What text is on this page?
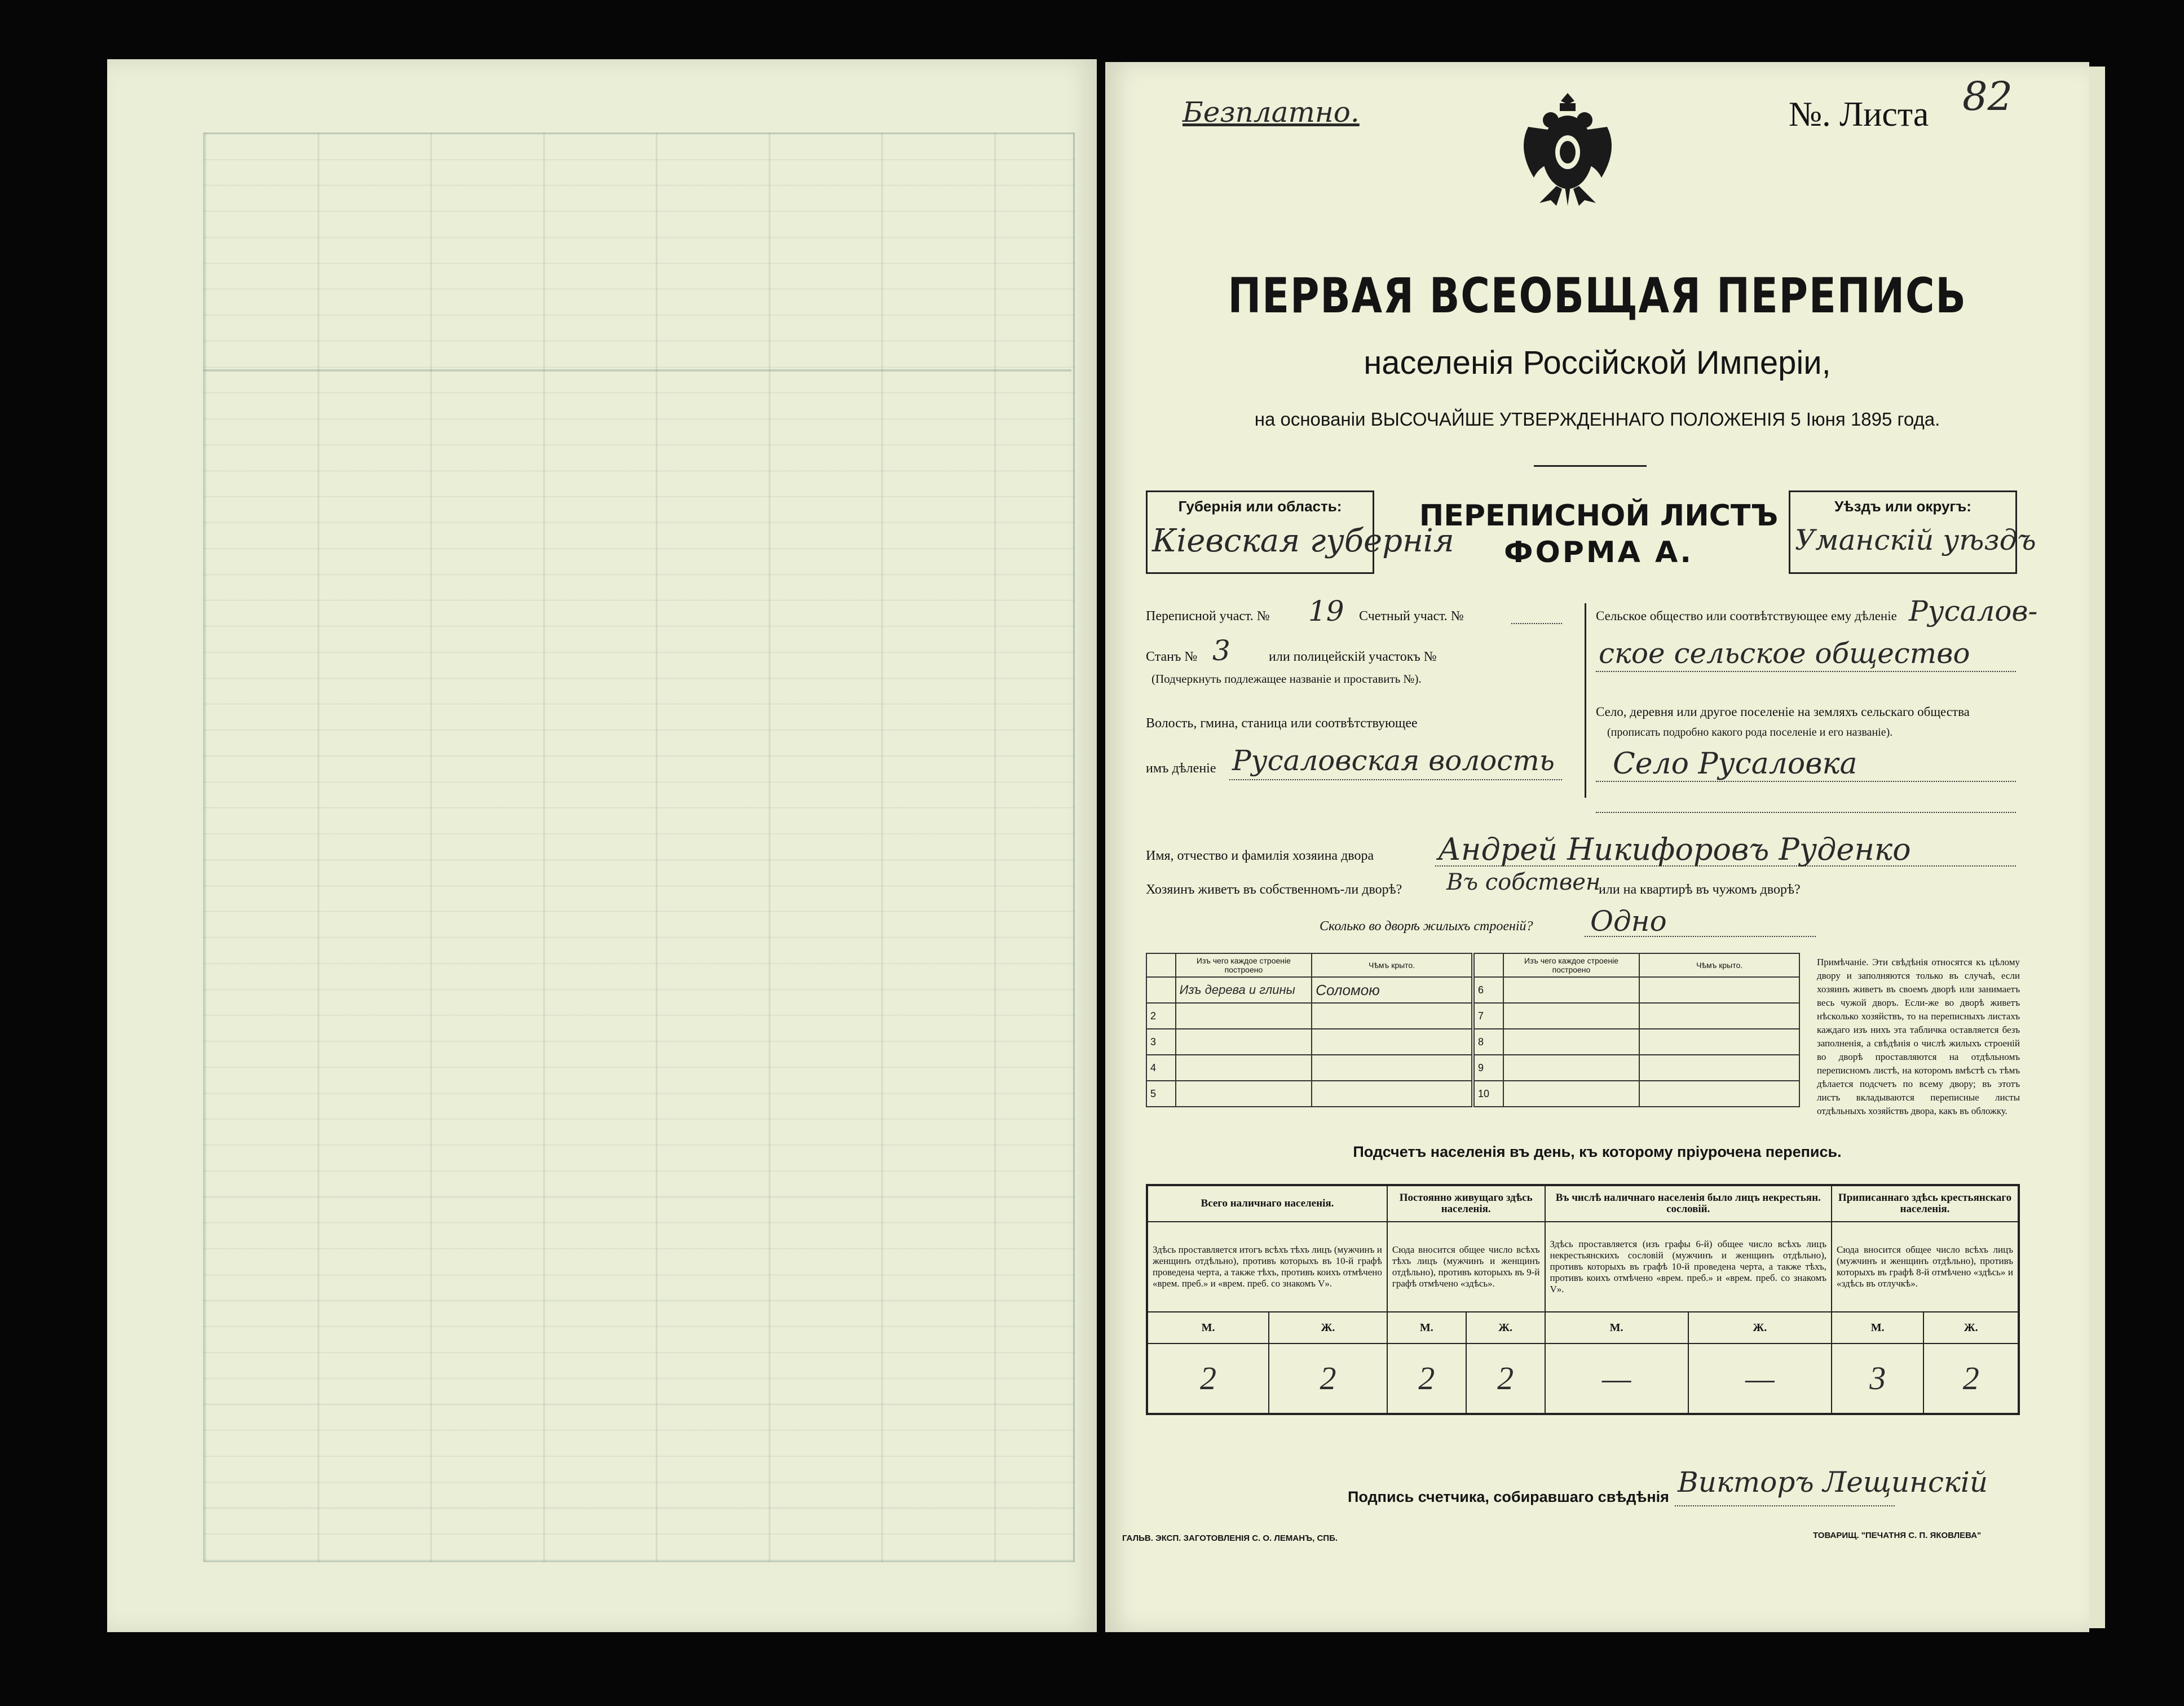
Безплатно.	№. Листа 82
ПЕРВАЯ ВСЕОБЩАЯ ПЕРЕПИСЬ
населенія Россійской Имперіи,
на основаніи ВЫСОЧАЙШЕ УТВЕРЖДЕННАГО ПОЛОЖЕНІЯ 5 Іюня 1895 года.
Губернія или область:
Кіевская губернія
ПЕРЕПИСНОЙ ЛИСТЪ
ФОРМА А.
Уѣздъ или округъ:
Уманскій уѣздъ
Переписной участ. № 19 Счетный участ. №
Станъ № 3	или полицейскій участокъ №
(Подчеркнуть подлежащее названіе и проставить №).
Волость, гмина, станица или соотвѣтствующее
имъ дѣленіе Русаловская волость
Сельское общество или соотвѣтствующее ему дѣленіе Русалов-
ское сельское общество
Село, деревня или другое поселеніе на земляхъ сельскаго общества
(прописать подробно какого рода поселеніе и его названіе).
Село Русаловка
Имя, отчество и фамилія хозяина двора Андрей Никифоровъ Руденко
Хозяинъ живетъ въ собственномъ-ли дворѣ? Въ собствен
или на квартирѣ въ чужомъ дворѣ?
Сколько во дворѣ жилыхъ строеній? Одно
	Изъ чего каждое строеніе построено	Чѣмъ крыто.		Изъ чего каждое строеніе построено	Чѣмъ крыто.
	Изъ дерева и глины	Соломою	6		
2			7		
3			8		
4			9		
5			10		
Примѣчаніе. Эти свѣдѣнія относятся къ цѣлому двору и заполняются только въ случаѣ, если хозяинъ живетъ въ своемъ дворѣ или занимаетъ весь чужой дворъ. Если-же во дворѣ живетъ нѣсколько хозяйствъ, то на переписныхъ листахъ каждаго изъ нихъ эта табличка оставляется безъ заполненія, а свѣдѣнія о числѣ жилыхъ строеній во дворѣ проставляются на отдѣльномъ переписномъ листѣ, на которомъ вмѣстѣ съ тѣмъ дѣлается подсчетъ по всему двору; въ этотъ листъ вкладываются переписные листы отдѣльныхъ хозяйствъ двора, какъ въ обложку.
Подсчетъ населенія въ день, къ которому пріурочена перепись.
Всего наличнаго населенія.		Постоянно живущаго здѣсь населенія.		Въ числѣ наличнаго населенія было лицъ некрестьян. сословій.		Приписаннаго здѣсь крестьянскаго населенія.	
Здѣсь проставляется итогъ всѣхъ тѣхъ лицъ (мужчинъ и женщинъ отдѣльно), противъ которыхъ въ 10-й графѣ проведена черта, а также тѣхъ, противъ коихъ отмѣчено «врем. преб.» и «врем. преб. со знакомъ V».		Сюда вносится общее число всѣхъ тѣхъ лицъ (мужчинъ и женщинъ отдѣльно), противъ которыхъ въ 9-й графѣ отмѣчено «здѣсь».		Здѣсь проставляется (изъ графы 6-й) общее число всѣхъ лицъ некрестьянскихъ сословій (мужчинъ и женщинъ отдѣльно), противъ которыхъ въ графѣ 10-й проведена черта, а также тѣхъ, противъ коихъ отмѣчено «врем. преб.» и «врем. преб. со знакомъ V».		Сюда вносится общее число всѣхъ лицъ (мужчинъ и женщинъ отдѣльно), противъ которыхъ въ графѣ 8-й отмѣчено «здѣсь» и «здѣсь въ отлучкѣ».	
М.	Ж.	М.	Ж.	М.	Ж.	М.	Ж.
2	2	2	2	—	—	3	2
Подпись счетчика, собиравшаго свѣдѣнія Викторъ Лещинскій
ГАЛЬВ. ЭКСП. ЗАГОТОВЛЕНІЯ С. О. ЛЕМАНЪ, СПБ.	ТОВАРИЩ. "ПЕЧАТНЯ С. П. ЯКОВЛЕВА"
